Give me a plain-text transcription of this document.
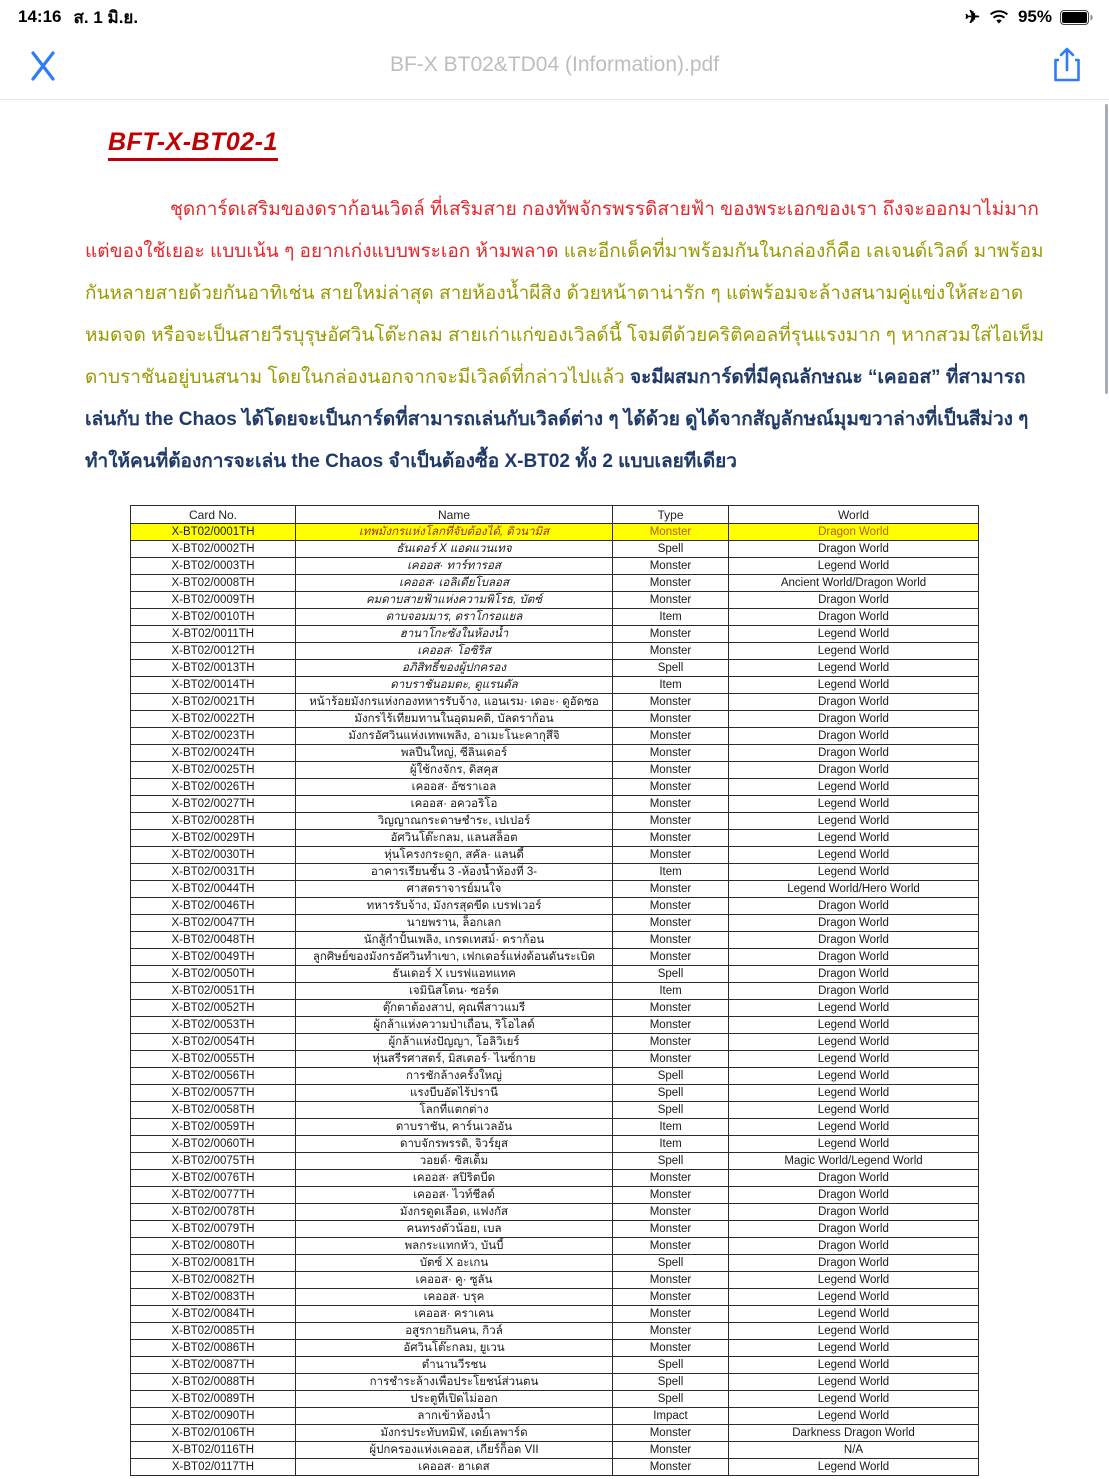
14:16 ส. 1 มิ.ย.	✈ 95%
BF-X BT02&TD04 (Information).pdf
BFT-X-BT02-1
ชุดการ์ดเสริมของดราก้อนเวิดล์ ที่เสริมสาย กองทัพจักรพรรดิสายฟ้า ของพระเอกของเรา ถึงจะออกมาไม่มาก แต่ของใช้เยอะ แบบเน้น ๆ อยากเก่งแบบพระเอก ห้ามพลาด และอีกเด็คที่มาพร้อมกันในกล่องก็คือ เลเจนด์เวิลด์ มาพร้อมกันหลายสายด้วยกันอาทิเช่น สายใหม่ล่าสุด สายห้องน้ำผีสิง ด้วยหน้าตาน่ารัก ๆ แต่พร้อมจะล้างสนามคู่แข่งให้สะอาดหมดจด หรือจะเป็นสายวีรบุรุษอัศวินโต๊ะกลม สายเก่าแก่ของเวิลด์นี้ โจมตีด้วยคริติคอลที่รุนแรงมาก ๆ หากสวมใส่ไอเท็ม ดาบราชันอยู่บนสนาม โดยในกล่องนอกจากจะมีเวิลด์ที่กล่าวไปแล้ว จะมีผสมการ์ดที่มีคุณลักษณะ “เคออส” ที่สามารถเล่นกับ the Chaos ได้โดยจะเป็นการ์ดที่สามารถเล่นกับเวิลด์ต่าง ๆ ได้ด้วย ดูได้จากสัญลักษณ์มุมขวาล่างที่เป็นสีม่วง ๆ ทำให้คนที่ต้องการจะเล่น the Chaos จำเป็นต้องซื้อ X-BT02 ทั้ง 2 แบบเลยทีเดียว
Card No.	Name	Type	World
X-BT02/0001TH	เทพมังกรแห่งโลกที่จับต้องได้, ดิวนามิส	Monster	Dragon World
X-BT02/0002TH	ธันเดอร์ X แอดแวนเทจ	Spell	Dragon World
X-BT02/0003TH	เคออส· ทาร์ทารอส	Monster	Legend World
X-BT02/0008TH	เคออส· เอลิเดียโบลอส	Monster	Ancient World/Dragon World
X-BT02/0009TH	คมดาบสายฟ้าแห่งความพิโรธ, บัตซ์	Monster	Dragon World
X-BT02/0010TH	ดาบจอมมาร, ดราโกรอแยล	Item	Dragon World
X-BT02/0011TH	ฮานาโกะซังในห้องน้ำ	Monster	Legend World
X-BT02/0012TH	เคออส· โอซิริส	Monster	Legend World
X-BT02/0013TH	อภิสิทธิ์ของผู้ปกครอง	Spell	Legend World
X-BT02/0014TH	ดาบราชันอมตะ, ดูแรนดัล	Item	Legend World
X-BT02/0021TH	หน้าร้อยมังกรแห่งกองทหารรับจ้าง, แอนเรม· เดอะ· ดูอัดซอ	Monster	Dragon World
X-BT02/0022TH	มังกรไร้เทียมทานในอุดมคติ, บัลดราก้อน	Monster	Dragon World
X-BT02/0023TH	มังกรอัศวินแห่งเทพเพลิง, อาเมะโนะคากุสึจิ	Monster	Dragon World
X-BT02/0024TH	พลปืนใหญ่, ซีลินเดอร์	Monster	Dragon World
X-BT02/0025TH	ผู้ใช้กงจักร, ดิสคุส	Monster	Dragon World
X-BT02/0026TH	เคออส· อัซราเอล	Monster	Legend World
X-BT02/0027TH	เคออส· อควอริโอ	Monster	Legend World
X-BT02/0028TH	วิญญาณกระดาษชำระ, เปเปอร์	Monster	Legend World
X-BT02/0029TH	อัศวินโต๊ะกลม, แลนสล็อต	Monster	Legend World
X-BT02/0030TH	หุ่นโครงกระดูก, สคัล· แลนดี้	Monster	Legend World
X-BT02/0031TH	อาคารเรียนชั้น 3 -ห้องน้ำห้องที่ 3-	Item	Legend World
X-BT02/0044TH	ศาสตราจารย์มนใจ	Monster	Legend World/Hero World
X-BT02/0046TH	ทหารรับจ้าง, มังกรสุดขีด เบรฟเวอร์	Monster	Dragon World
X-BT02/0047TH	นายพราน, ล็อกเลก	Monster	Dragon World
X-BT02/0048TH	นักสู้กำปั้นเพลิง, เกรดเทสม์· ดราก้อน	Monster	Dragon World
X-BT02/0049TH	ลูกศิษย์ของมังกรอัศวินทำเขา, เฟกเดอร์แห่งด้อนดันระเบิด	Monster	Dragon World
X-BT02/0050TH	ธันเดอร์ X เบรฟแอทแทค	Spell	Dragon World
X-BT02/0051TH	เจมินิสโตน· ซอร์ด	Item	Dragon World
X-BT02/0052TH	ตุ๊กตาต้องสาป, คุณพี่สาวแมรี	Monster	Legend World
X-BT02/0053TH	ผู้กล้าแห่งความป่าเถื่อน, ริโอไลด์	Monster	Legend World
X-BT02/0054TH	ผู้กล้าแห่งปัญญา, โอลิวิเยร์	Monster	Legend World
X-BT02/0055TH	หุ่นสรีรศาสตร์, มิสเตอร์· ไนซ์กาย	Monster	Legend World
X-BT02/0056TH	การชักล้างครั้งใหญ่	Spell	Legend World
X-BT02/0057TH	แรงบีบอัดไร้ปรานี	Spell	Legend World
X-BT02/0058TH	โลกที่แตกต่าง	Spell	Legend World
X-BT02/0059TH	ดาบราชัน, คาร์นเวลอัน	Item	Legend World
X-BT02/0060TH	ดาบจักรพรรดิ, จิวร์ยุส	Item	Legend World
X-BT02/0075TH	วอยด์· ซิสเต็ม	Spell	Magic World/Legend World
X-BT02/0076TH	เคออส· สปิริตบีด	Monster	Dragon World
X-BT02/0077TH	เคออส· ไวท์ชีลด์	Monster	Dragon World
X-BT02/0078TH	มังกรดูดเลือด, แฟงกัส	Monster	Dragon World
X-BT02/0079TH	คนทรงตัวน้อย, เบล	Monster	Dragon World
X-BT02/0080TH	พลกระแทกหัว, บันบี้	Monster	Dragon World
X-BT02/0081TH	บัตซ์ X อะเกน	Spell	Dragon World
X-BT02/0082TH	เคออส· คู· ซูลัน	Monster	Legend World
X-BT02/0083TH	เคออส· บรุค	Monster	Legend World
X-BT02/0084TH	เคออส· คราเคน	Monster	Legend World
X-BT02/0085TH	อสูรกายกินคน, กิวล์	Monster	Legend World
X-BT02/0086TH	อัศวินโต๊ะกลม, ยูเวน	Monster	Legend World
X-BT02/0087TH	ตำนานวีรชน	Spell	Legend World
X-BT02/0088TH	การชำระล้างเพื่อประโยชน์ส่วนตน	Spell	Legend World
X-BT02/0089TH	ประตูที่เปิดไม่ออก	Spell	Legend World
X-BT02/0090TH	ลากเข้าห้องน้ำ	Impact	Legend World
X-BT02/0106TH	มังกรประทับทมิฬ, เดย์เลพาร์ด	Monster	Darkness Dragon World
X-BT02/0116TH	ผู้ปกครองแห่งเคออส, เกียร์ก็อด VII	Monster	N/A
X-BT02/0117TH	เคออส· ฮาเดส	Monster	Legend World
